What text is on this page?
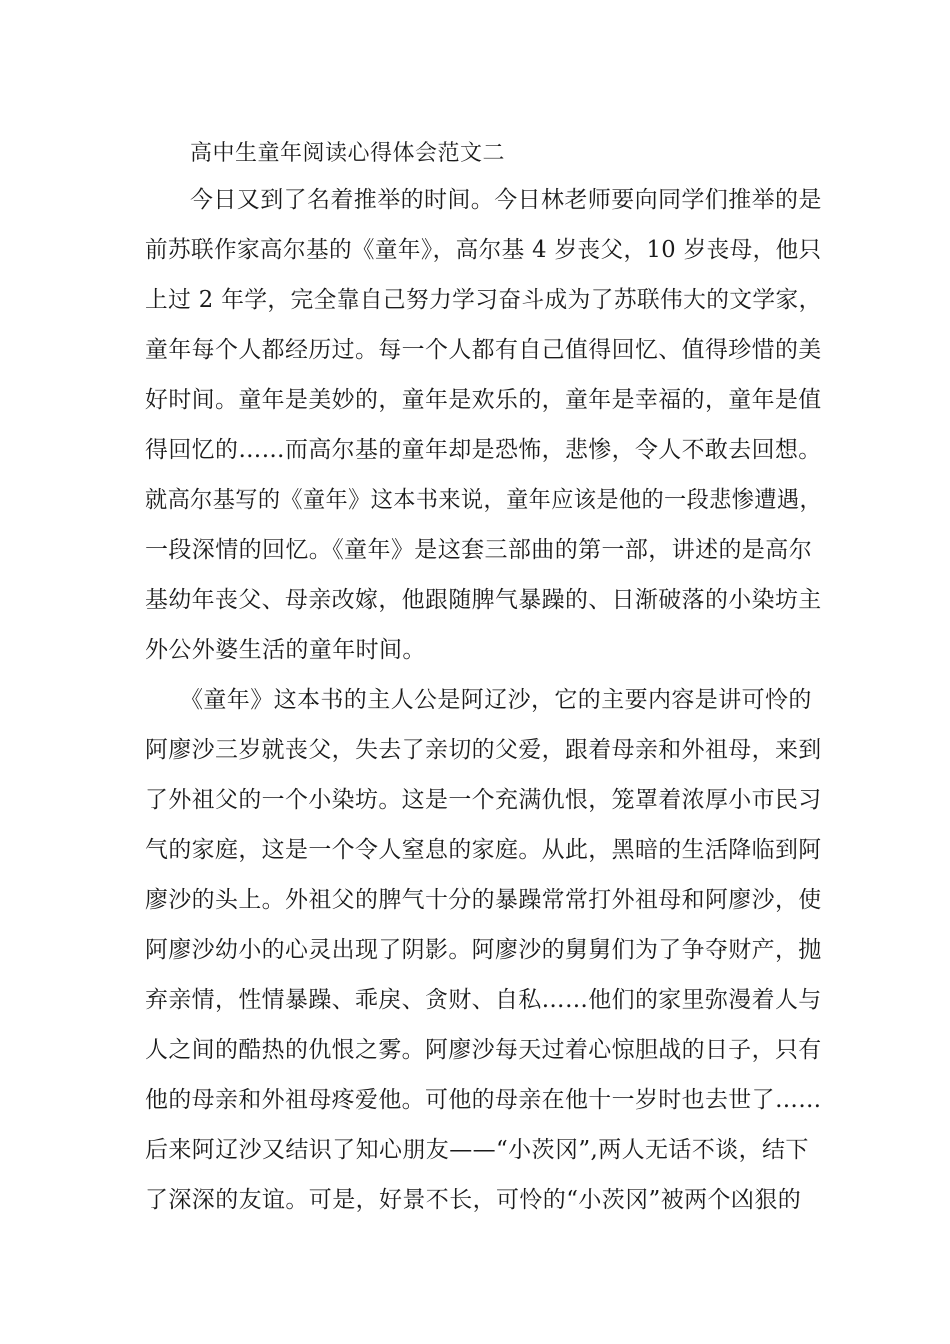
高中生童年阅读心得体会范文二
今日又到了名着推举的时间。今日林老师要向同学们推举的是
前苏联作家高尔基的《童年》，高尔基 4 岁丧父，10 岁丧母，他只
上过 2 年学，完全靠自己努力学习奋斗成为了苏联伟大的文学家，
童年每个人都经历过。每一个人都有自己值得回忆、值得珍惜的美
好时间。童年是美妙的，童年是欢乐的，童年是幸福的，童年是值
得回忆的……而高尔基的童年却是恐怖，悲惨，令人不敢去回想。
就高尔基写的《童年》这本书来说，童年应该是他的一段悲惨遭遇，
一段深情的回忆。《童年》是这套三部曲的第一部，讲述的是高尔
基幼年丧父、母亲改嫁，他跟随脾气暴躁的、日渐破落的小染坊主
外公外婆生活的童年时间。
《童年》这本书的主人公是阿辽沙，它的主要内容是讲可怜的
阿廖沙三岁就丧父，失去了亲切的父爱，跟着母亲和外祖母，来到
了外祖父的一个小染坊。这是一个充满仇恨，笼罩着浓厚小市民习
气的家庭，这是一个令人窒息的家庭。从此，黑暗的生活降临到阿
廖沙的头上。外祖父的脾气十分的暴躁常常打外祖母和阿廖沙，使
阿廖沙幼小的心灵出现了阴影。阿廖沙的舅舅们为了争夺财产，抛
弃亲情，性情暴躁、乖戾、贪财、自私……他们的家里弥漫着人与
人之间的酷热的仇恨之雾。阿廖沙每天过着心惊胆战的日子，只有
他的母亲和外祖母疼爱他。可他的母亲在他十一岁时也去世了……
后来阿辽沙又结识了知心朋友——“小茨冈”,两人无话不谈，结下
了深深的友谊。可是，好景不长，可怜的“小茨冈”被两个凶狠的
